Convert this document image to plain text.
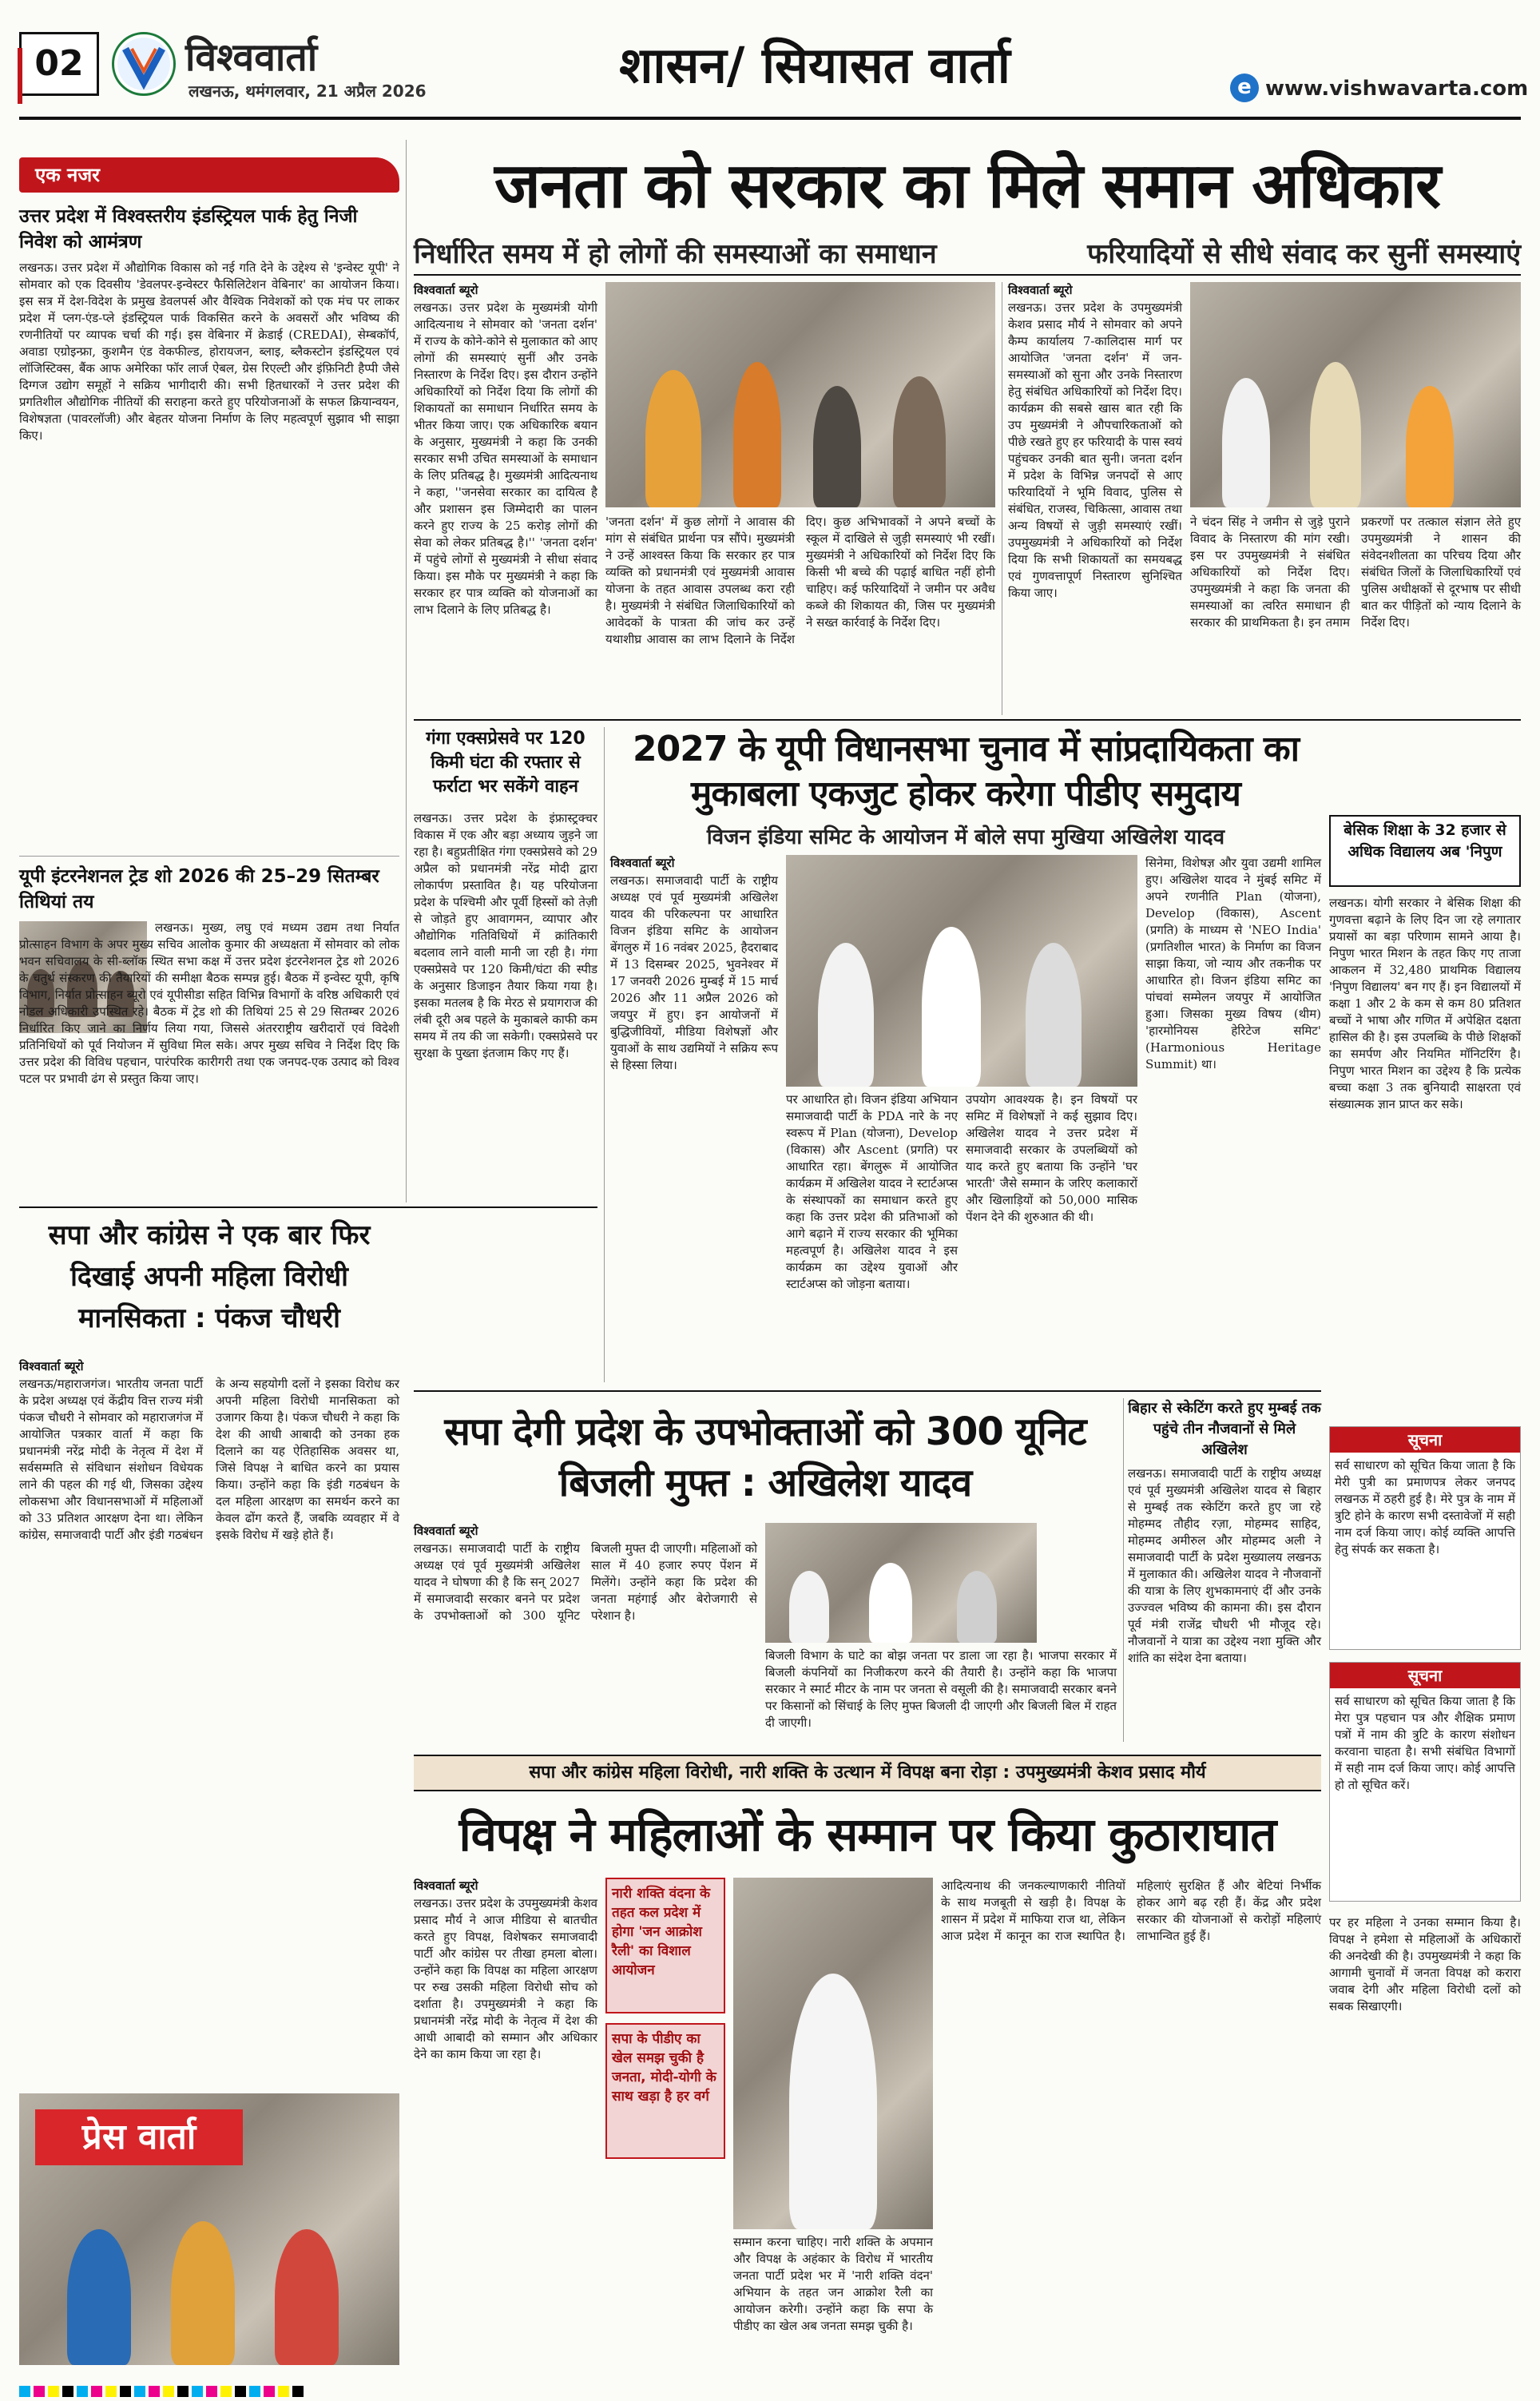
02	विश्ववार्ता
लखनऊ, थमंगलवार, 21 अप्रैल 2026	शासन/ सियासत वार्ता	e www.vishwavarta.com
एक नजर
उत्तर प्रदेश में विश्वस्तरीय इंडस्ट्रियल पार्क हेतु निजी निवेश को आमंत्रण
लखनऊ। उत्तर प्रदेश में औद्योगिक विकास को नई गति देने के उद्देश्य से 'इन्वेस्ट यूपी' ने सोमवार को एक दिवसीय 'डेवलपर-इन्वेस्टर फैसिलिटेशन वेबिनार' का आयोजन किया। इस सत्र में देश-विदेश के प्रमुख डेवलपर्स और वैश्विक निवेशकों को एक मंच पर लाकर प्रदेश में प्लग-एंड-प्ले इंडस्ट्रियल पार्क विकसित करने के अवसरों और भविष्य की रणनीतियों पर व्यापक चर्चा की गई। इस वेबिनार में क्रेडाई (CREDAI), सेम्बकॉर्प, अवाडा एग्रोइन्फ्रा, कुशमैन एंड वेकफील्ड, होरायजन, ब्लाइ, ब्लैकस्टोन इंडस्ट्रियल एवं लॉजिस्टिक्स, बैंक आफ अमेरिका फॉर लार्ज ऐबल, ग्रेस रिएल्टी और इंफ़िनिटी हैप्पी जैसे दिग्गज उद्योग समूहों ने सक्रिय भागीदारी की। सभी हितधारकों ने उत्तर प्रदेश की प्रगतिशील औद्योगिक नीतियों की सराहना करते हुए परियोजनाओं के सफल क्रियान्वयन, विशेषज्ञता (पावरलॉजी) और बेहतर योजना निर्माण के लिए महत्वपूर्ण सुझाव भी साझा किए।
यूपी इंटरनेशनल ट्रेड शो 2026 की 25–29 सितम्बर तिथियां तय
लखनऊ। मुख्य, लघु एवं मध्यम उद्यम तथा निर्यात प्रोत्साहन विभाग के अपर मुख्य सचिव आलोक कुमार की अध्यक्षता में सोमवार को लोक भवन सचिवालय के सी-ब्लॉक स्थित सभा कक्ष में उत्तर प्रदेश इंटरनेशनल ट्रेड शो 2026 के चतुर्थ संस्करण की तैयारियों की समीक्षा बैठक सम्पन्न हुई। बैठक में इन्वेस्ट यूपी, कृषि विभाग, निर्यात प्रोत्साहन ब्यूरो एवं यूपीसीडा सहित विभिन्न विभागों के वरिष्ठ अधिकारी एवं नोडल अधिकारी उपस्थित रहे। बैठक में ट्रेड शो की तिथियां 25 से 29 सितम्बर 2026 निर्धारित किए जाने का निर्णय लिया गया, जिससे अंतरराष्ट्रीय खरीदारों एवं विदेशी प्रतिनिधियों को पूर्व नियोजन में सुविधा मिल सके। अपर मुख्य सचिव ने निर्देश दिए कि उत्तर प्रदेश की विविध पहचान, पारंपरिक कारीगरी तथा एक जनपद-एक उत्पाद को विश्व पटल पर प्रभावी ढंग से प्रस्तुत किया जाए।
जनता को सरकार का मिले समान अधिकार
निर्धारित समय में हो लोगों की समस्याओं का समाधान	फरियादियों से सीधे संवाद कर सुनीं समस्याएं
विश्ववार्ता ब्यूरो
लखनऊ। उत्तर प्रदेश के मुख्यमंत्री योगी आदित्यनाथ ने सोमवार को 'जनता दर्शन' में राज्य के कोने-कोने से मुलाकात को आए लोगों की समस्याएं सुनीं और उनके निस्तारण के निर्देश दिए। इस दौरान उन्होंने अधिकारियों को निर्देश दिया कि लोगों की शिकायतों का समाधान निर्धारित समय के भीतर किया जाए। एक अधिकारिक बयान के अनुसार, मुख्यमंत्री ने कहा कि उनकी सरकार सभी उचित समस्याओं के समाधान के लिए प्रतिबद्ध है। मुख्यमंत्री आदित्यनाथ ने कहा, ''जनसेवा सरकार का दायित्व है और प्रशासन इस जिम्मेदारी का पालन करने हुए राज्य के 25 करोड़ लोगों की सेवा को लेकर प्रतिबद्ध है।'' 'जनता दर्शन' में पहुंचे लोगों से मुख्यमंत्री ने सीधा संवाद किया। इस मौके पर मुख्यमंत्री ने कहा कि सरकार हर पात्र व्यक्ति को योजनाओं का लाभ दिलाने के लिए प्रतिबद्ध है।
'जनता दर्शन' में कुछ लोगों ने आवास की मांग से संबंधित प्रार्थना पत्र सौंपे। मुख्यमंत्री ने उन्हें आश्वस्त किया कि सरकार हर पात्र व्यक्ति को प्रधानमंत्री एवं मुख्यमंत्री आवास योजना के तहत आवास उपलब्ध करा रही है। मुख्यमंत्री ने संबंधित जिलाधिकारियों को आवेदकों के पात्रता की जांच कर उन्हें यथाशीघ्र आवास का लाभ दिलाने के निर्देश दिए। कुछ अभिभावकों ने अपने बच्चों के स्कूल में दाखिले से जुड़ी समस्याएं भी रखीं। मुख्यमंत्री ने अधिकारियों को निर्देश दिए कि किसी भी बच्चे की पढ़ाई बाधित नहीं होनी चाहिए। कई फरियादियों ने जमीन पर अवैध कब्जे की शिकायत की, जिस पर मुख्यमंत्री ने सख्त कार्रवाई के निर्देश दिए।
विश्ववार्ता ब्यूरो
लखनऊ। उत्तर प्रदेश के उपमुख्यमंत्री केशव प्रसाद मौर्य ने सोमवार को अपने कैम्प कार्यालय 7-कालिदास मार्ग पर आयोजित 'जनता दर्शन' में जन-समस्याओं को सुना और उनके निस्तारण हेतु संबंधित अधिकारियों को निर्देश दिए। कार्यक्रम की सबसे खास बात रही कि उप मुख्यमंत्री ने औपचारिकताओं को पीछे रखते हुए हर फरियादी के पास स्वयं पहुंचकर उनकी बात सुनी। जनता दर्शन में प्रदेश के विभिन्न जनपदों से आए फरियादियों ने भूमि विवाद, पुलिस से संबंधित, राजस्व, चिकित्सा, आवास तथा अन्य विषयों से जुड़ी समस्याएं रखीं। उपमुख्यमंत्री ने अधिकारियों को निर्देश दिया कि सभी शिकायतों का समयबद्ध एवं गुणवत्तापूर्ण निस्तारण सुनिश्चित किया जाए।
ने चंदन सिंह ने जमीन से जुड़े पुराने विवाद के निस्तारण की मांग रखी। इस पर उपमुख्यमंत्री ने संबंधित अधिकारियों को निर्देश दिए। उपमुख्यमंत्री ने कहा कि जनता की समस्याओं का त्वरित समाधान ही सरकार की प्राथमिकता है। इन तमाम प्रकरणों पर तत्काल संज्ञान लेते हुए उपमुख्यमंत्री ने शासन की संवेदनशीलता का परिचय दिया और संबंधित जिलों के जिलाधिकारियों एवं पुलिस अधीक्षकों से दूरभाष पर सीधी बात कर पीड़ितों को न्याय दिलाने के निर्देश दिए।
गंगा एक्सप्रेसवे पर 120 किमी घंटा की रफ्तार से फर्राटा भर सकेंगे वाहन
लखनऊ। उत्तर प्रदेश के इंफ्रास्ट्रक्चर विकास में एक और बड़ा अध्याय जुड़ने जा रहा है। बहुप्रतीक्षित गंगा एक्सप्रेसवे को 29 अप्रैल को प्रधानमंत्री नरेंद्र मोदी द्वारा लोकार्पण प्रस्तावित है। यह परियोजना प्रदेश के पश्चिमी और पूर्वी हिस्सों को तेज़ी से जोड़ते हुए आवागमन, व्यापार और औद्योगिक गतिविधियों में क्रांतिकारी बदलाव लाने वाली मानी जा रही है। गंगा एक्सप्रेसवे पर 120 किमी/घंटा की स्पीड के अनुसार डिजाइन तैयार किया गया है। इसका मतलब है कि मेरठ से प्रयागराज की लंबी दूरी अब पहले के मुकाबले काफी कम समय में तय की जा सकेगी। एक्सप्रेसवे पर सुरक्षा के पुख्ता इंतजाम किए गए हैं।
2027 के यूपी विधानसभा चुनाव में सांप्रदायिकता का मुकाबला एकजुट होकर करेगा पीडीए समुदाय
विजन इंडिया समिट के आयोजन में बोले सपा मुखिया अखिलेश यादव
विश्ववार्ता ब्यूरो
लखनऊ। समाजवादी पार्टी के राष्ट्रीय अध्यक्ष एवं पूर्व मुख्यमंत्री अखिलेश यादव की परिकल्पना पर आधारित विजन इंडिया समिट के आयोजन बेंगलुरु में 16 नवंबर 2025, हैदराबाद में 13 दिसम्बर 2025, भुवनेश्वर में 17 जनवरी 2026 मुम्बई में 15 मार्च 2026 और 11 अप्रैल 2026 को जयपुर में हुए। इन आयोजनों में बुद्धिजीवियों, मीडिया विशेषज्ञों और युवाओं के साथ उद्यमियों ने सक्रिय रूप से हिस्सा लिया।
सिनेमा, विशेषज्ञ और युवा उद्यमी शामिल हुए। अखिलेश यादव ने मुंबई समिट में अपने रणनीति Plan (योजना), Develop (विकास), Ascent (प्रगति) के माध्यम से 'NEO India' (प्रगतिशील भारत) के निर्माण का विजन साझा किया, जो न्याय और तकनीक पर आधारित हो। विजन इंडिया समिट का पांचवां सम्मेलन जयपुर में आयोजित हुआ। जिसका मुख्य विषय (थीम) 'हारमोनियस हेरिटेज समिट' (Harmonious Heritage Summit) था।
पर आधारित हो। विजन इंडिया अभियान समाजवादी पार्टी के PDA नारे के नए स्वरूप में Plan (योजना), Develop (विकास) और Ascent (प्रगति) पर आधारित रहा। बेंगलुरू में आयोजित कार्यक्रम में अखिलेश यादव ने स्टार्टअप्स के संस्थापकों का समाधान करते हुए कहा कि उत्तर प्रदेश की प्रतिभाओं को आगे बढ़ाने में राज्य सरकार की भूमिका महत्वपूर्ण है। अखिलेश यादव ने इस कार्यक्रम का उद्देश्य युवाओं और स्टार्टअप्स को जोड़ना बताया।
उपयोग आवश्यक है। इन विषयों पर समिट में विशेषज्ञों ने कई सुझाव दिए। अखिलेश यादव ने उत्तर प्रदेश में समाजवादी सरकार के उपलब्धियों को याद करते हुए बताया कि उन्होंने 'घर भारती' जैसे सम्मान के जरिए कलाकारों और खिलाड़ियों को 50,000 मासिक पेंशन देने की शुरुआत की थी।
बेसिक शिक्षा के 32 हजार से अधिक विद्यालय अब 'निपुण
लखनऊ। योगी सरकार ने बेसिक शिक्षा की गुणवत्ता बढ़ाने के लिए दिन जा रहे लगातार प्रयासों का बड़ा परिणाम सामने आया है। निपुण भारत मिशन के तहत किए गए ताजा आकलन में 32,480 प्राथमिक विद्यालय 'निपुण विद्यालय' बन गए हैं। इन विद्यालयों में कक्षा 1 और 2 के कम से कम 80 प्रतिशत बच्चों ने भाषा और गणित में अपेक्षित दक्षता हासिल की है। इस उपलब्धि के पीछे शिक्षकों का समर्पण और नियमित मॉनिटरिंग है। निपुण भारत मिशन का उद्देश्य है कि प्रत्येक बच्चा कक्षा 3 तक बुनियादी साक्षरता एवं संख्यात्मक ज्ञान प्राप्त कर सके।
सपा और कांग्रेस ने एक बार फिर दिखाई अपनी महिला विरोधी मानसिकता : पंकज चौधरी
विश्ववार्ता ब्यूरो
लखनऊ/महाराजगंज। भारतीय जनता पार्टी के प्रदेश अध्यक्ष एवं केंद्रीय वित्त राज्य मंत्री पंकज चौधरी ने सोमवार को महाराजगंज में आयोजित पत्रकार वार्ता में कहा कि प्रधानमंत्री नरेंद्र मोदी के नेतृत्व में देश में सर्वसम्मति से संविधान संशोधन विधेयक लाने की पहल की गई थी, जिसका उद्देश्य लोकसभा और विधानसभाओं में महिलाओं को 33 प्रतिशत आरक्षण देना था। लेकिन कांग्रेस, समाजवादी पार्टी और इंडी गठबंधन के अन्य सहयोगी दलों ने इसका विरोध कर अपनी महिला विरोधी मानसिकता को उजागर किया है। पंकज चौधरी ने कहा कि देश की आधी आबादी को उनका हक दिलाने का यह ऐतिहासिक अवसर था, जिसे विपक्ष ने बाधित करने का प्रयास किया। उन्होंने कहा कि इंडी गठबंधन के दल महिला आरक्षण का समर्थन करने का केवल ढोंग करते हैं, जबकि व्यवहार में वे इसके विरोध में खड़े होते हैं।
प्रेस वार्ता
सपा देगी प्रदेश के उपभोक्ताओं को 300 यूनिट बिजली मुफ्त : अखिलेश यादव
विश्ववार्ता ब्यूरो
लखनऊ। समाजवादी पार्टी के राष्ट्रीय अध्यक्ष एवं पूर्व मुख्यमंत्री अखिलेश यादव ने घोषणा की है कि सन् 2027 में समाजवादी सरकार बनने पर प्रदेश के उपभोक्ताओं को 300 यूनिट बिजली मुफ्त दी जाएगी। महिलाओं को साल में 40 हजार रुपए पेंशन में मिलेंगे। उन्होंने कहा कि प्रदेश की जनता महंगाई और बेरोजगारी से परेशान है।
बिजली विभाग के घाटे का बोझ जनता पर डाला जा रहा है। भाजपा सरकार में बिजली कंपनियों का निजीकरण करने की तैयारी है। उन्होंने कहा कि भाजपा सरकार ने स्मार्ट मीटर के नाम पर जनता से वसूली की है। समाजवादी सरकार बनने पर किसानों को सिंचाई के लिए मुफ्त बिजली दी जाएगी और बिजली बिल में राहत दी जाएगी।
बिहार से स्केटिंग करते हुए मुम्बई तक पहुंचे तीन नौजवानों से मिले अखिलेश
लखनऊ। समाजवादी पार्टी के राष्ट्रीय अध्यक्ष एवं पूर्व मुख्यमंत्री अखिलेश यादव से बिहार से मुम्बई तक स्केटिंग करते हुए जा रहे मोहम्मद तौहीद रज़ा, मोहम्मद साहिद, मोहम्मद अमीरुल और मोहम्मद अली ने समाजवादी पार्टी के प्रदेश मुख्यालय लखनऊ में मुलाकात की। अखिलेश यादव ने नौजवानों की यात्रा के लिए शुभकामनाएं दीं और उनके उज्ज्वल भविष्य की कामना की। इस दौरान पूर्व मंत्री राजेंद्र चौधरी भी मौजूद रहे। नौजवानों ने यात्रा का उद्देश्य नशा मुक्ति और शांति का संदेश देना बताया।
सूचना
सर्व साधारण को सूचित किया जाता है कि मेरी पुत्री का प्रमाणपत्र लेकर जनपद लखनऊ में ठहरी हुई है। मेरे पुत्र के नाम में त्रुटि होने के कारण सभी दस्तावेजों में सही नाम दर्ज किया जाए। कोई व्यक्ति आपत्ति हेतु संपर्क कर सकता है।
सूचना
सर्व साधारण को सूचित किया जाता है कि मेरा पुत्र पहचान पत्र और शैक्षिक प्रमाण पत्रों में नाम की त्रुटि के कारण संशोधन करवाना चाहता है। सभी संबंधित विभागों में सही नाम दर्ज किया जाए। कोई आपत्ति हो तो सूचित करें।
सपा और कांग्रेस महिला विरोधी, नारी शक्ति के उत्थान में विपक्ष बना रोड़ा : उपमुख्यमंत्री केशव प्रसाद मौर्य
विपक्ष ने महिलाओं के सम्मान पर किया कुठाराघात
विश्ववार्ता ब्यूरो
लखनऊ। उत्तर प्रदेश के उपमुख्यमंत्री केशव प्रसाद मौर्य ने आज मीडिया से बातचीत करते हुए विपक्ष, विशेषकर समाजवादी पार्टी और कांग्रेस पर तीखा हमला बोला। उन्होंने कहा कि विपक्ष का महिला आरक्षण पर रुख उसकी महिला विरोधी सोच को दर्शाता है। उपमुख्यमंत्री ने कहा कि प्रधानमंत्री नरेंद्र मोदी के नेतृत्व में देश की आधी आबादी को सम्मान और अधिकार देने का काम किया जा रहा है।
नारी शक्ति वंदना के तहत कल प्रदेश में होगा 'जन आक्रोश रैली' का विशाल आयोजन
सपा के पीडीए का खेल समझ चुकी है जनता, मोदी-योगी के साथ खड़ा है हर वर्ग
सम्मान करना चाहिए। नारी शक्ति के अपमान और विपक्ष के अहंकार के विरोध में भारतीय जनता पार्टी प्रदेश भर में 'नारी शक्ति वंदन' अभियान के तहत जन आक्रोश रैली का आयोजन करेगी। उन्होंने कहा कि सपा के पीडीए का खेल अब जनता समझ चुकी है।
आदित्यनाथ की जनकल्याणकारी नीतियों के साथ मजबूती से खड़ी है। विपक्ष के शासन में प्रदेश में माफिया राज था, लेकिन आज प्रदेश में कानून का राज स्थापित है। महिलाएं सुरक्षित हैं और बेटियां निर्भीक होकर आगे बढ़ रही हैं। केंद्र और प्रदेश सरकार की योजनाओं से करोड़ों महिलाएं लाभान्वित हुई हैं।
पर हर महिला ने उनका सम्मान किया है। विपक्ष ने हमेशा से महिलाओं के अधिकारों की अनदेखी की है। उपमुख्यमंत्री ने कहा कि आगामी चुनावों में जनता विपक्ष को करारा जवाब देगी और महिला विरोधी दलों को सबक सिखाएगी।
